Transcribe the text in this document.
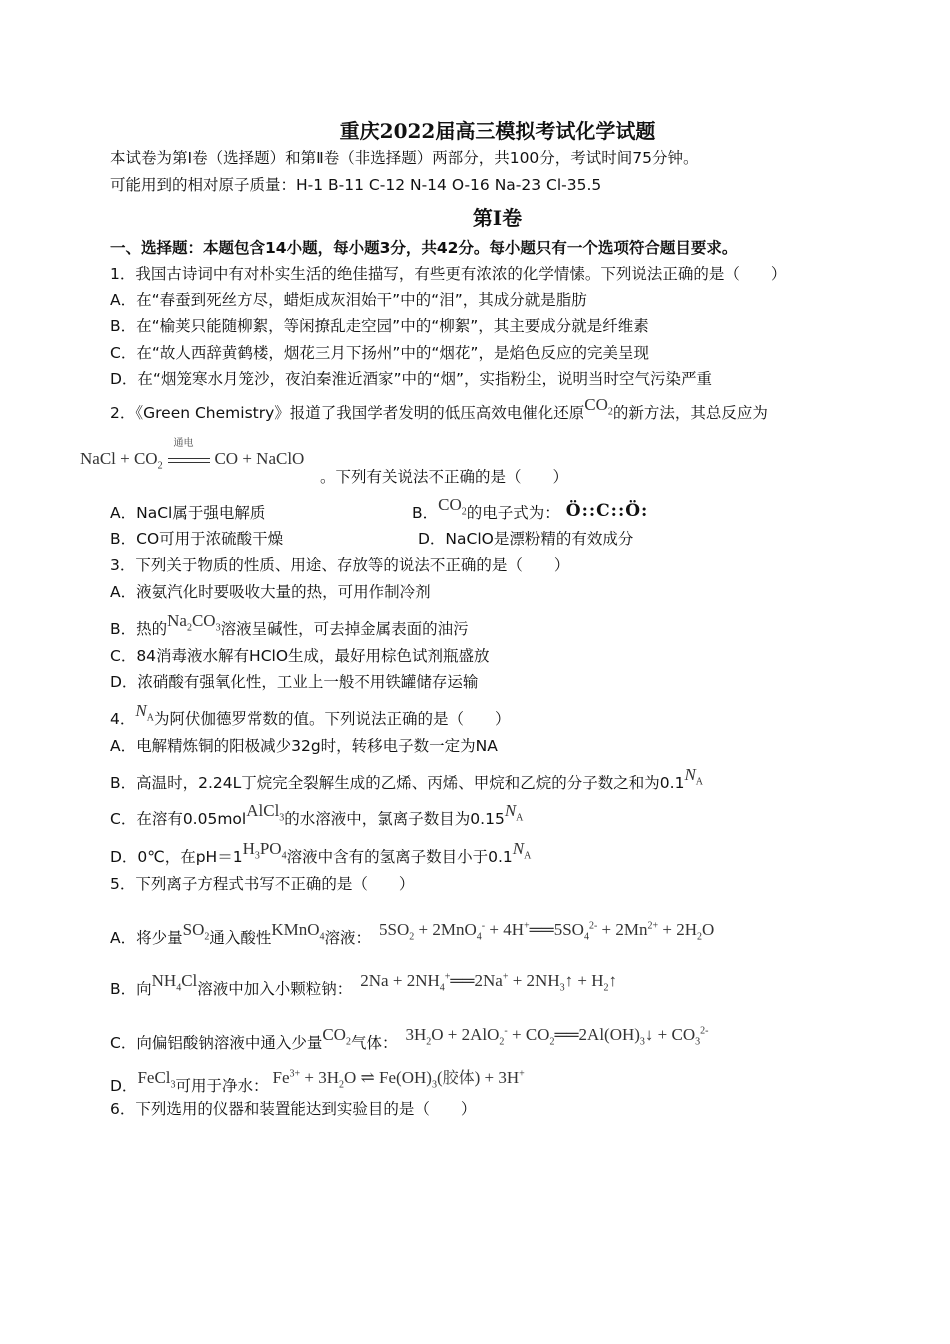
重庆2022届高三模拟考试化学试题
本试卷为第Ⅰ卷（选择题）和第Ⅱ卷（非选择题）两部分，共100分，考试时间75分钟。
可能用到的相对原子质量：H-1 B-11 C-12 N-14 O-16 Na-23 Cl-35.5
第Ⅰ卷
一、选择题：本题包含14小题，每小题3分，共42分。每小题只有一个选项符合题目要求。
1．我国古诗词中有对朴实生活的绝佳描写，有些更有浓浓的化学情愫。下列说法正确的是（　　）
A．在“春蚕到死丝方尽，蜡炬成灰泪始干”中的“泪”，其成分就是脂肪
B．在“榆荚只能随柳絮，等闲撩乱走空园”中的“柳絮”，其主要成分就是纤维素
C．在“故人西辞黄鹤楼，烟花三月下扬州”中的“烟花”，是焰色反应的完美呈现
D．在“烟笼寒水月笼沙，夜泊秦淮近酒家”中的“烟”，实指粉尘，说明当时空气污染严重
2．《Green Chemistry》报道了我国学者发明的低压高效电催化还原$CO_2$的新方法，其总反应为
NaCl + $CO_2$
通电
CO + NaClO
。下列有关说法不正确的是（　　）
A．NaCl属于强电解质	B．$CO_2$的电子式为： Ö::C::Ö:
B．CO可用于浓硫酸干燥	D．NaClO是漂粉精的有效成分
3．下列关于物质的性质、用途、存放等的说法不正确的是（　　）
A．液氨汽化时要吸收大量的热，可用作制冷剂
B．热的$Na_2CO_3$溶液呈碱性，可去掉金属表面的油污
C．84消毒液水解有HClO生成，最好用棕色试剂瓶盛放
D．浓硝酸有强氧化性，工业上一般不用铁罐储存运输
4．$N_A$为阿伏伽德罗常数的值。下列说法正确的是（　　）
A．电解精炼铜的阳极减少32g时，转移电子数一定为NA
B．高温时，2.24L丁烷完全裂解生成的乙烯、丙烯、甲烷和乙烷的分子数之和为$0.1N_A$
C．在溶有0.05molAlCl$_3$的水溶液中，氯离子数目为$0.15N_A$
D．0℃，在$pH=1H_3PO_4$溶液中含有的氢离子数目小于$0.1N_A$
5．下列离子方程式书写不正确的是（　　）
A．将少量$SO_2$通入酸性KMnO$_4$溶液： $5SO_2 + 2MnO_4^-$ + $4H^+══5SO_4^{2-} + 2Mn^{2+} + 2H_2O$
B．向$NH_4Cl$溶液中加入小颗粒钠： $2Na + 2NH_4^+══2Na^+$ + $2NH_3↑$ + $H_2↑$
C．向偏铝酸钠溶液中通入少量$CO_2$气体： $3H_2O + 2AlO_2^-$ + $CO_2══2Al(OH)_3↓ + CO_3^{2-}$
D．FeCl$_3$可用于净水： $Fe^{3+} + 3H_2O$ ⇌ $Fe(OH)_3$(胶体) + 3H+
6．下列选用的仪器和装置能达到实验目的是（　　）
